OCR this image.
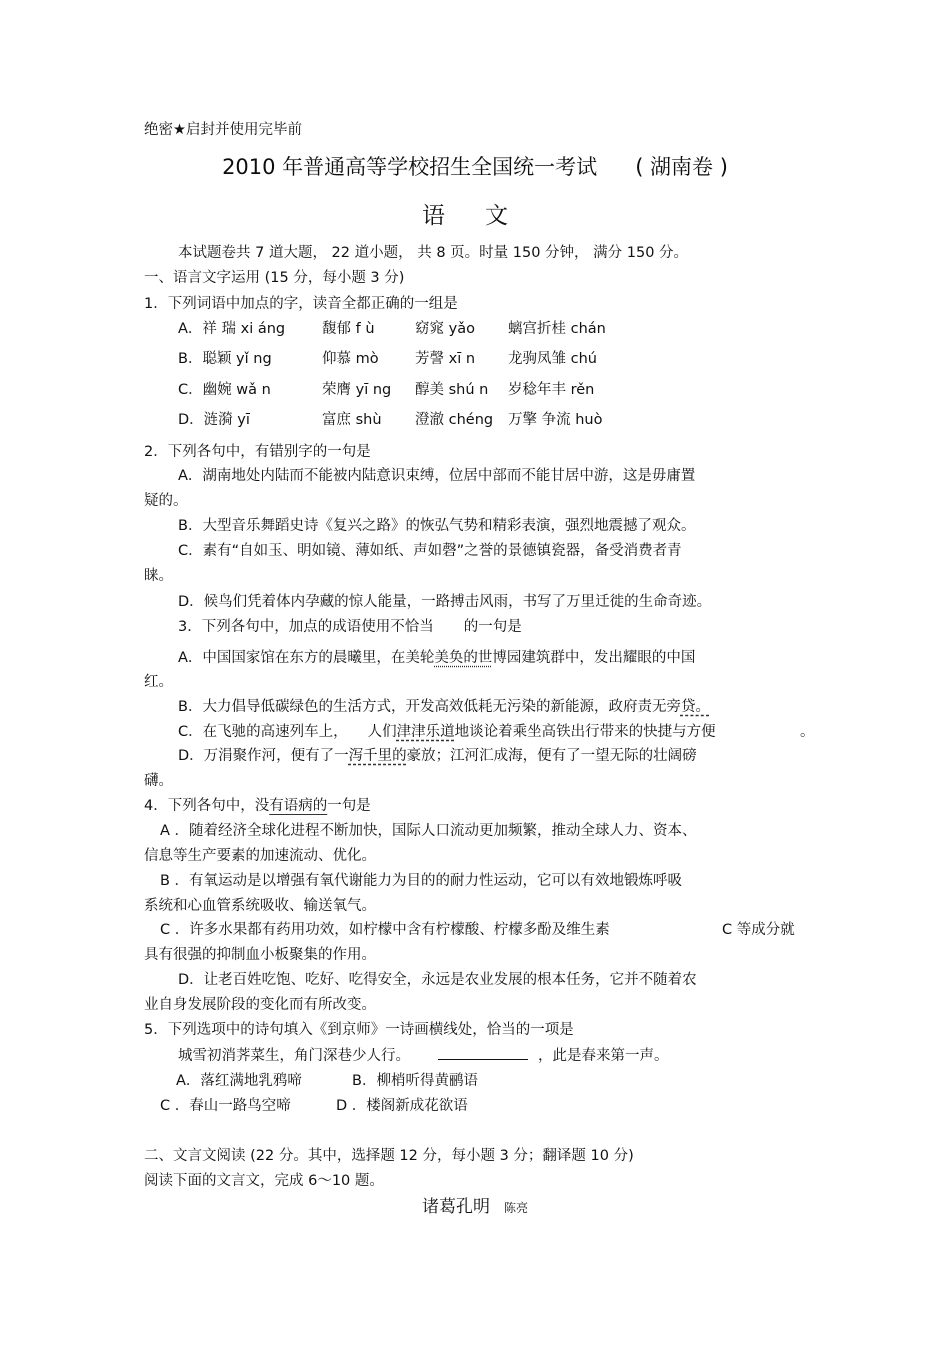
绝密★启封并使用完毕前
2010 年普通高等学校招生全国统一考试 ( 湖南卷 )
语文
本试题卷共 7 道大题， 22 道小题， 共 8 页。时量 150 分钟， 满分 150 分。
一、语言文字运用 (15 分，每小题 3 分)
1．下列词语中加点的字，读音全都正确的一组是
A．祥 瑞 xi áng	馥郁 f ù	窈窕 yǎo 螭宫折桂 chán
B．聪颖 yǐ ng	仰慕 mò	芳謦 xī n 龙驹凤雏 chú
C．幽婉 wǎ n	荣膺 yī ng 醇美 shú n 岁稔年丰 rěn
D．涟漪 yī	富庶 shù 澄澈 chéng 万擎 争流 huò
2．下列各句中，有错别字的一句是
A．湖南地处内陆而不能被内陆意识束缚，位居中部而不能甘居中游，这是毋庸置
疑的。
B．大型音乐舞蹈史诗《复兴之路》的恢弘气势和精彩表演，强烈地震撼了观众。
C．素有“自如玉、明如镜、薄如纸、声如磬”之誉的景德镇瓷器，备受消费者青
睐。
D．候鸟们凭着体内孕藏的惊人能量，一路搏击风雨，书写了万里迁徙的生命奇迹。
3．下列各句中，加点的成语使用不恰当 的一句是
A．中国国家馆在东方的晨曦里，在美轮美奂的世博园建筑群中，发出耀眼的中国
红。
B．大力倡导低碳绿色的生活方式，开发高效低耗无污染的新能源，政府责无旁贷。
C．在飞驰的高速列车上， 人们津津乐道地谈论着乘坐高铁出行带来的快捷与方便	。
D．万涓聚作河，便有了一泻千里的豪放；江河汇成海，便有了一望无际的壮阔磅
礴。
4．下列各句中，没有语病的一句是
A ．随着经济全球化进程不断加快，国际人口流动更加频繁，推动全球人力、资本、
信息等生产要素的加速流动、优化。
B ．有氧运动是以增强有氧代谢能力为目的的耐力性运动，它可以有效地锻炼呼吸
系统和心血管系统吸收、输送氧气。
C ．许多水果都有药用功效，如柠檬中含有柠檬酸、柠檬多酚及维生素	C 等成分就
具有很强的抑制血小板聚集的作用。
D．让老百姓吃饱、吃好、吃得安全，永远是农业发展的根本任务，它并不随着农
业自身发展阶段的变化而有所改变。
5．下列选项中的诗句填入《到京师》一诗画横线处，恰当的一项是
城雪初消荠菜生，角门深巷少人行。	，此是春来第一声。
A．落红满地乳鸦啼	B．柳梢听得黄鹂语
C ．春山一路鸟空啼	D ．楼阁新成花欲语
二、文言文阅读 (22 分。其中，选择题 12 分，每小题 3 分；翻译题 10 分)
阅读下面的文言文，完成 6～10 题。
诸葛孔明 陈亮
